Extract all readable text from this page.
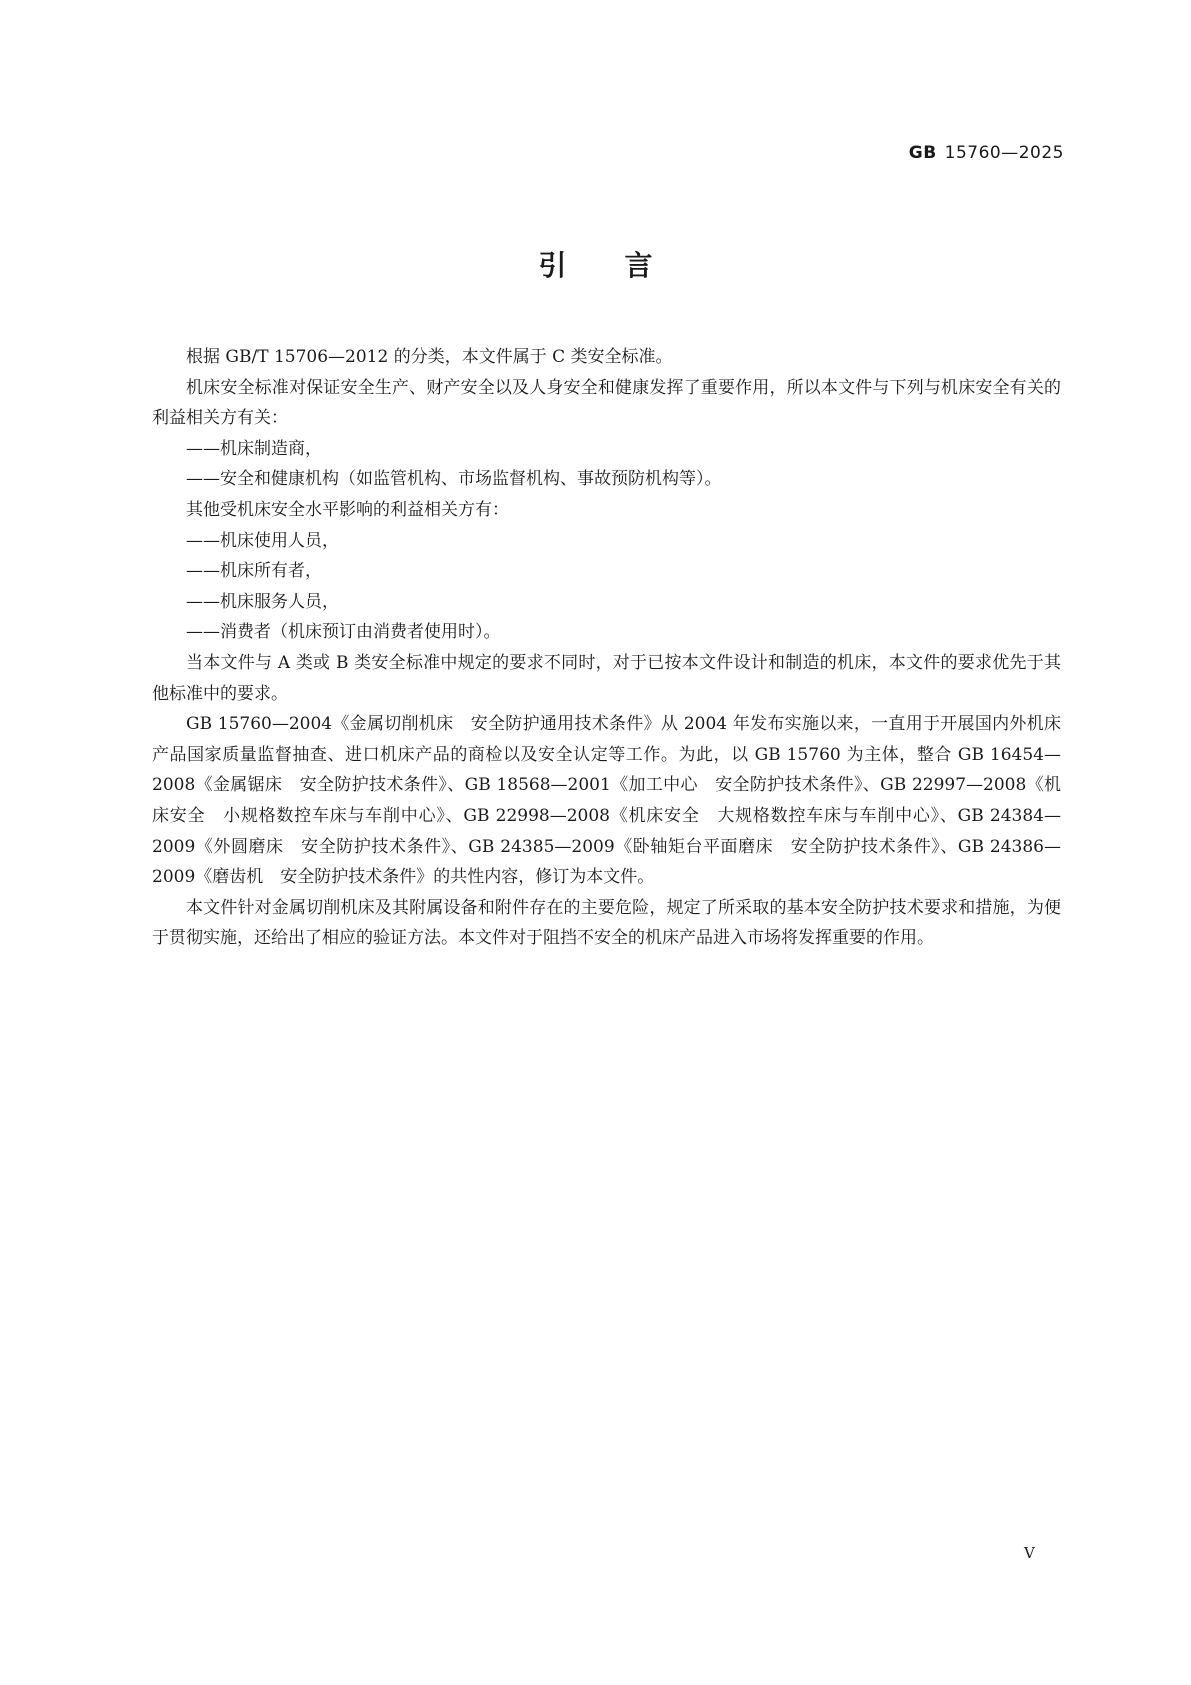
GB 15760—2025
引言

根据 GB/T 15706—2012 的分类，本文件属于 C 类安全标准。

机床安全标准对保证安全生产、财产安全以及人身安全和健康发挥了重要作用，所以本文件与下列与机床安全有关的利益相关方有关：

——机床制造商，

——安全和健康机构（如监管机构、市场监督机构、事故预防机构等）。

其他受机床安全水平影响的利益相关方有：

——机床使用人员，

——机床所有者，

——机床服务人员，

——消费者（机床预订由消费者使用时）。

当本文件与 A 类或 B 类安全标准中规定的要求不同时，对于已按本文件设计和制造的机床，本文件的要求优先于其他标准中的要求。

GB 15760—2004《金属切削机床　安全防护通用技术条件》从 2004 年发布实施以来，一直用于开展国内外机床产品国家质量监督抽查、进口机床产品的商检以及安全认定等工作。为此，以 GB 15760 为主体，整合 GB 16454—2008《金属锯床　安全防护技术条件》、GB 18568—2001《加工中心　安全防护技术条件》、GB 22997—2008《机床安全　小规格数控车床与车削中心》、GB 22998—2008《机床安全　大规格数控车床与车削中心》、GB 24384—2009《外圆磨床　安全防护技术条件》、GB 24385—2009《卧轴矩台平面磨床　安全防护技术条件》、GB 24386—2009《磨齿机　安全防护技术条件》的共性内容，修订为本文件。

本文件针对金属切削机床及其附属设备和附件存在的主要危险，规定了所采取的基本安全防护技术要求和措施，为便于贯彻实施，还给出了相应的验证方法。本文件对于阻挡不安全的机床产品进入市场将发挥重要的作用。

V
